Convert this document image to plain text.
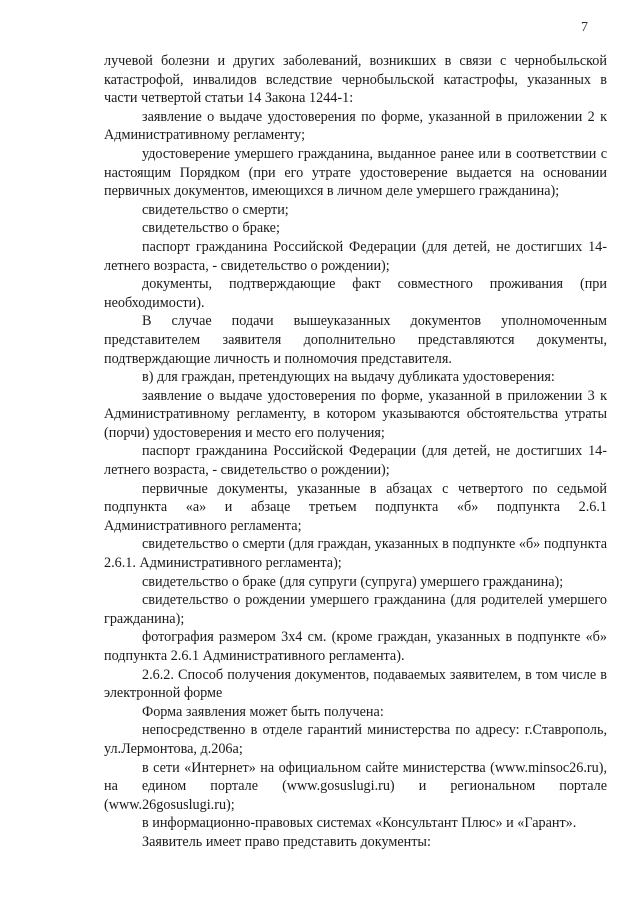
7

лучевой болезни и других заболеваний, возникших в связи с чернобыльской катастрофой, инвалидов вследствие чернобыльской катастрофы, указанных в части четвертой статьи 14 Закона 1244-1:

заявление о выдаче удостоверения по форме, указанной в приложении 2 к Административному регламенту;

удостоверение умершего гражданина, выданное ранее или в соответствии с настоящим Порядком (при его утрате удостоверение выдается на основании первичных документов, имеющихся в личном деле умершего гражданина);

свидетельство о смерти;

свидетельство о браке;

паспорт гражданина Российской Федерации (для детей, не достигших 14-летнего возраста, - свидетельство о рождении);

документы, подтверждающие факт совместного проживания (при необходимости).

В случае подачи вышеуказанных документов уполномоченным представителем заявителя дополнительно представляются документы, подтверждающие личность и полномочия представителя.

в) для граждан, претендующих на выдачу дубликата удостоверения:

заявление о выдаче удостоверения по форме, указанной в приложении 3 к Административному регламенту, в котором указываются обстоятельства утраты (порчи) удостоверения и место его получения;

паспорт гражданина Российской Федерации (для детей, не достигших 14-летнего возраста, - свидетельство о рождении);

первичные документы, указанные в абзацах с четвертого по седьмой подпункта «а» и абзаце третьем подпункта «б» подпункта 2.6.1 Административного регламента;

свидетельство о смерти (для граждан, указанных в подпункте «б» подпункта 2.6.1. Административного регламента);

свидетельство о браке (для супруги (супруга) умершего гражданина);

свидетельство о рождении умершего гражданина (для родителей умершего гражданина);

фотография размером 3х4 см. (кроме граждан, указанных в подпункте «б» подпункта 2.6.1 Административного регламента).

2.6.2. Способ получения документов, подаваемых заявителем, в том числе в электронной форме

Форма заявления может быть получена:

непосредственно в отделе гарантий министерства по адресу: г.Ставрополь, ул.Лермонтова, д.206а;

в сети «Интернет» на официальном сайте министерства (www.minsoc26.ru), на едином портале (www.gosuslugi.ru) и региональном портале (www.26gosuslugi.ru);

в информационно-правовых системах «Консультант Плюс» и «Гарант».

Заявитель имеет право представить документы:
